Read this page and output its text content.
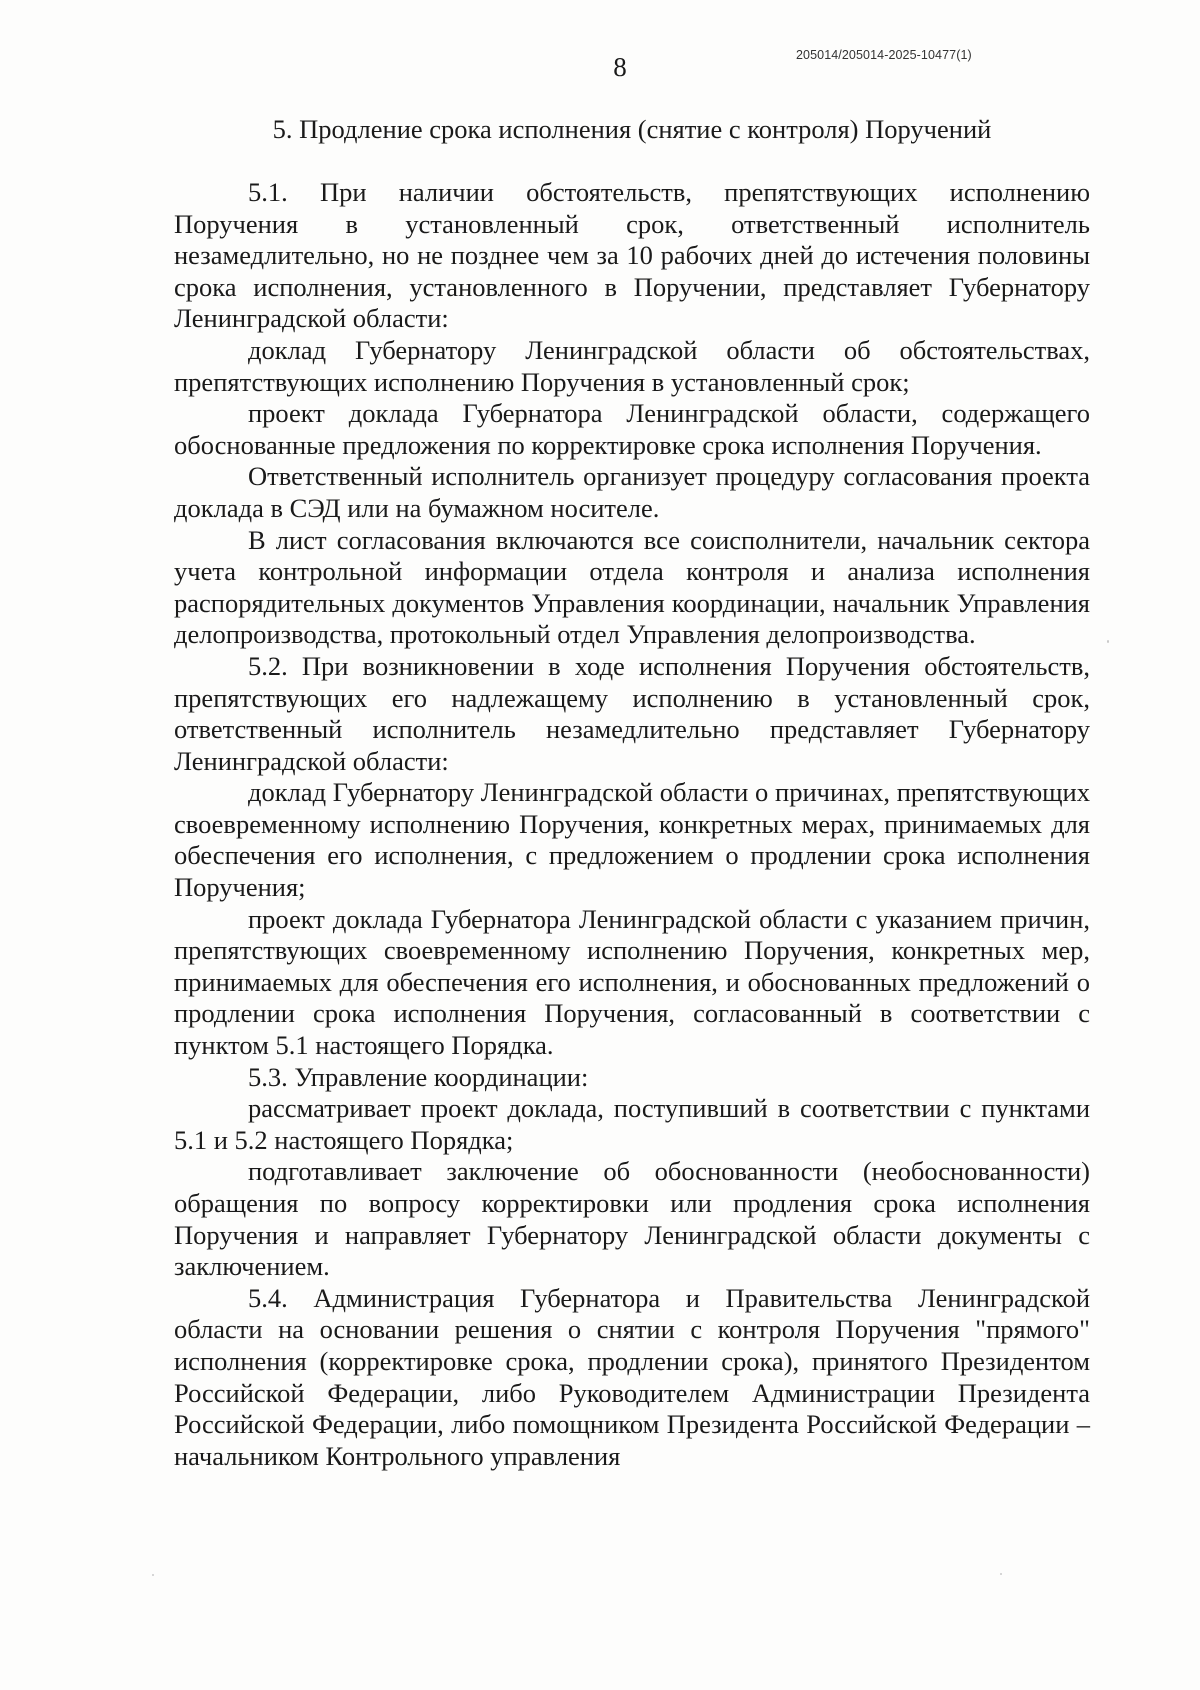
8	205014/205014-2025-10477(1)
5. Продление срока исполнения (снятие с контроля) Поручений

5.1. При наличии обстоятельств, препятствующих исполнению Поручения в установленный срок, ответственный исполнитель незамедлительно, но не позднее чем за 10 рабочих дней до истечения половины срока исполнения, установленного в Поручении, представляет Губернатору Ленинградской области:

доклад Губернатору Ленинградской области об обстоятельствах, препятствующих исполнению Поручения в установленный срок;

проект доклада Губернатора Ленинградской области, содержащего обоснованные предложения по корректировке срока исполнения Поручения.

Ответственный исполнитель организует процедуру согласования проекта доклада в СЭД или на бумажном носителе.

В лист согласования включаются все соисполнители, начальник сектора учета контрольной информации отдела контроля и анализа исполнения распорядительных документов Управления координации, начальник Управления делопроизводства, протокольный отдел Управления делопроизводства.

5.2. При возникновении в ходе исполнения Поручения обстоятельств, препятствующих его надлежащему исполнению в установленный срок, ответственный исполнитель незамедлительно представляет Губернатору Ленинградской области:

доклад Губернатору Ленинградской области о причинах, препятствующих своевременному исполнению Поручения, конкретных мерах, принимаемых для обеспечения его исполнения, с предложением о продлении срока исполнения Поручения;

проект доклада Губернатора Ленинградской области с указанием причин, препятствующих своевременному исполнению Поручения, конкретных мер, принимаемых для обеспечения его исполнения, и обоснованных предложений о продлении срока исполнения Поручения, согласованный в соответствии с пунктом 5.1 настоящего Порядка.

5.3. Управление координации:

рассматривает проект доклада, поступивший в соответствии с пунктами 5.1 и 5.2 настоящего Порядка;

подготавливает заключение об обоснованности (необоснованности) обращения по вопросу корректировки или продления срока исполнения Поручения и направляет Губернатору Ленинградской области документы с заключением.

5.4. Администрация Губернатора и Правительства Ленинградской области на основании решения о снятии с контроля Поручения "прямого" исполнения (корректировке срока, продлении срока), принятого Президентом Российской Федерации, либо Руководителем Администрации Президента Российской Федерации, либо помощником Президента Российской Федерации – начальником Контрольного управления
